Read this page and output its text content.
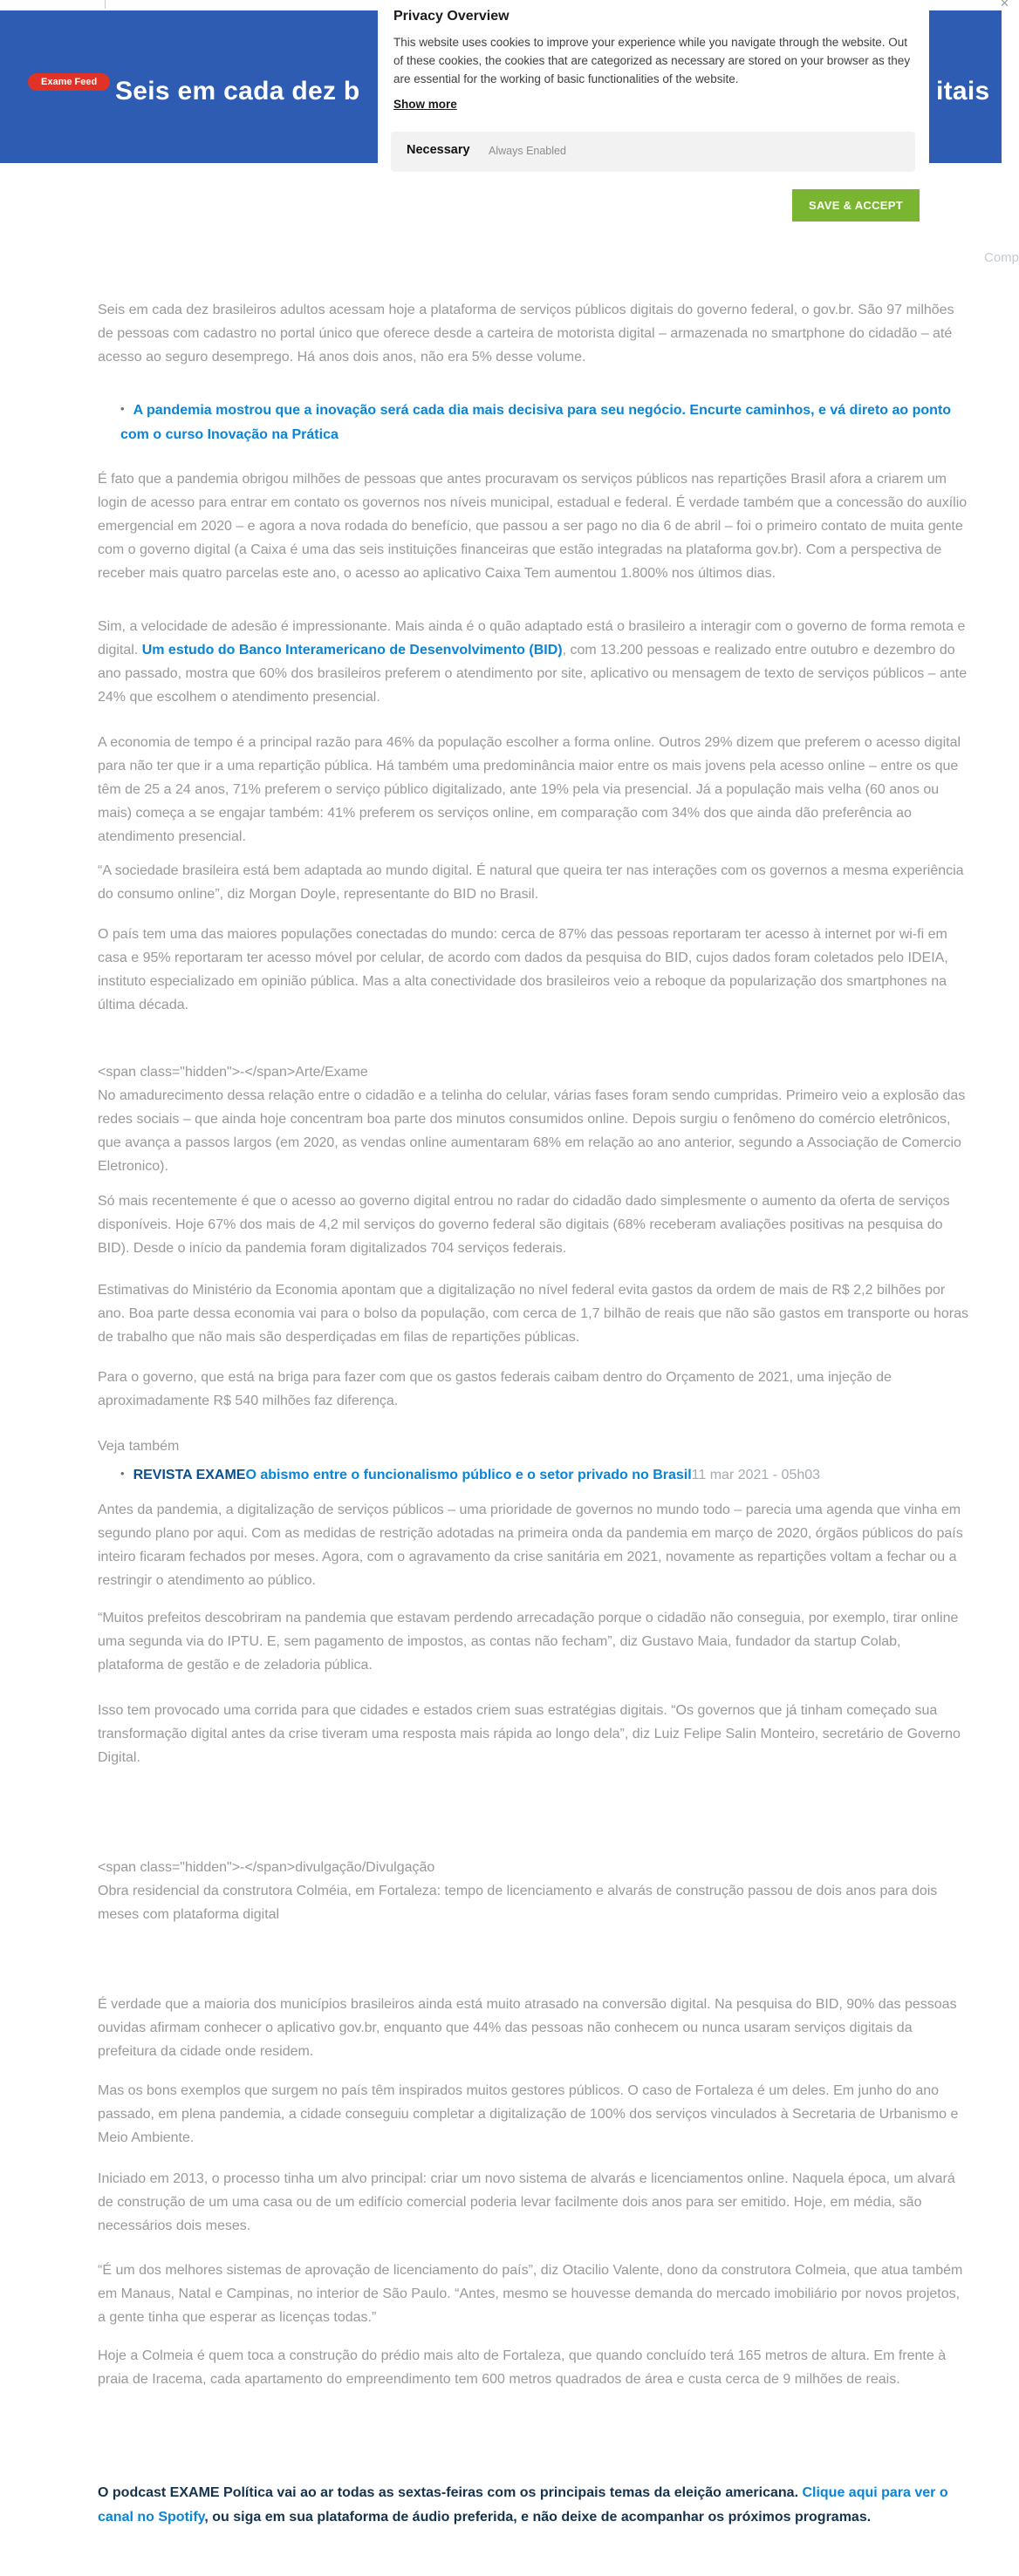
✕
Exame Feed Seis em cada dez b	itais
Privacy Overview

This website uses cookies to improve your experience while you navigate through the website. Out of these cookies, the cookies that are categorized as necessary are stored on your browser as they are essential for the working of basic functionalities of the website.

Show more
Necessary Always Enabled
SAVE & ACCEPT
Comp

Seis em cada dez brasileiros adultos acessam hoje a plataforma de serviços públicos digitais do governo federal, o gov.br. São 97 milhões de pessoas com cadastro no portal único que oferece desde a carteira de motorista digital – armazenada no smartphone do cidadão – até acesso ao seguro desemprego. Há anos dois anos, não era 5% desse volume.

• A pandemia mostrou que a inovação será cada dia mais decisiva para seu negócio. Encurte caminhos, e vá direto ao ponto com o curso Inovação na Prática

É fato que a pandemia obrigou milhões de pessoas que antes procuravam os serviços públicos nas repartições Brasil afora a criarem um login de acesso para entrar em contato os governos nos níveis municipal, estadual e federal. É verdade também que a concessão do auxílio emergencial em 2020 – e agora a nova rodada do benefício, que passou a ser pago no dia 6 de abril – foi o primeiro contato de muita gente com o governo digital (a Caixa é uma das seis instituições financeiras que estão integradas na plataforma gov.br). Com a perspectiva de receber mais quatro parcelas este ano, o acesso ao aplicativo Caixa Tem aumentou 1.800% nos últimos dias.

Sim, a velocidade de adesão é impressionante. Mais ainda é o quão adaptado está o brasileiro a interagir com o governo de forma remota e digital. Um estudo do Banco Interamericano de Desenvolvimento (BID), com 13.200 pessoas e realizado entre outubro e dezembro do ano passado, mostra que 60% dos brasileiros preferem o atendimento por site, aplicativo ou mensagem de texto de serviços públicos – ante 24% que escolhem o atendimento presencial.

A economia de tempo é a principal razão para 46% da população escolher a forma online. Outros 29% dizem que preferem o acesso digital para não ter que ir a uma repartição pública. Há também uma predominância maior entre os mais jovens pela acesso online – entre os que têm de 25 a 24 anos, 71% preferem o serviço público digitalizado, ante 19% pela via presencial. Já a população mais velha (60 anos ou mais) começa a se engajar também: 41% preferem os serviços online, em comparação com 34% dos que ainda dão preferência ao atendimento presencial.

“A sociedade brasileira está bem adaptada ao mundo digital. É natural que queira ter nas interações com os governos a mesma experiência do consumo online”, diz Morgan Doyle, representante do BID no Brasil.

O país tem uma das maiores populações conectadas do mundo: cerca de 87% das pessoas reportaram ter acesso à internet por wi-fi em casa e 95% reportaram ter acesso móvel por celular, de acordo com dados da pesquisa do BID, cujos dados foram coletados pelo IDEIA, instituto especializado em opinião pública. Mas a alta conectividade dos brasileiros veio a reboque da popularização dos smartphones na última década.

<span class="hidden">-</span>Arte/Exame

No amadurecimento dessa relação entre o cidadão e a telinha do celular, várias fases foram sendo cumpridas. Primeiro veio a explosão das redes sociais – que ainda hoje concentram boa parte dos minutos consumidos online. Depois surgiu o fenômeno do comércio eletrônicos, que avança a passos largos (em 2020, as vendas online aumentaram 68% em relação ao ano anterior, segundo a Associação de Comercio Eletronico).

Só mais recentemente é que o acesso ao governo digital entrou no radar do cidadão dado simplesmente o aumento da oferta de serviços disponíveis. Hoje 67% dos mais de 4,2 mil serviços do governo federal são digitais (68% receberam avaliações positivas na pesquisa do BID). Desde o início da pandemia foram digitalizados 704 serviços federais.

Estimativas do Ministério da Economia apontam que a digitalização no nível federal evita gastos da ordem de mais de R$ 2,2 bilhões por ano. Boa parte dessa economia vai para o bolso da população, com cerca de 1,7 bilhão de reais que não são gastos em transporte ou horas de trabalho que não mais são desperdiçadas em filas de repartições públicas.

Para o governo, que está na briga para fazer com que os gastos federais caibam dentro do Orçamento de 2021, uma injeção de aproximadamente R$ 540 milhões faz diferença.

Veja também

• REVISTA EXAMEO abismo entre o funcionalismo público e o setor privado no Brasil11 mar 2021 - 05h03

Antes da pandemia, a digitalização de serviços públicos – uma prioridade de governos no mundo todo – parecia uma agenda que vinha em segundo plano por aqui. Com as medidas de restrição adotadas na primeira onda da pandemia em março de 2020, órgãos públicos do país inteiro ficaram fechados por meses. Agora, com o agravamento da crise sanitária em 2021, novamente as repartições voltam a fechar ou a restringir o atendimento ao público.

“Muitos prefeitos descobriram na pandemia que estavam perdendo arrecadação porque o cidadão não conseguia, por exemplo, tirar online uma segunda via do IPTU. E, sem pagamento de impostos, as contas não fecham”, diz Gustavo Maia, fundador da startup Colab, plataforma de gestão e de zeladoria pública.

Isso tem provocado uma corrida para que cidades e estados criem suas estratégias digitais. “Os governos que já tinham começado sua transformação digital antes da crise tiveram uma resposta mais rápida ao longo dela”, diz Luiz Felipe Salin Monteiro, secretário de Governo Digital.

<span class="hidden">-</span>divulgação/Divulgação

Obra residencial da construtora Colméia, em Fortaleza: tempo de licenciamento e alvarás de construção passou de dois anos para dois meses com plataforma digital

É verdade que a maioria dos municípios brasileiros ainda está muito atrasado na conversão digital. Na pesquisa do BID, 90% das pessoas ouvidas afirmam conhecer o aplicativo gov.br, enquanto que 44% das pessoas não conhecem ou nunca usaram serviços digitais da prefeitura da cidade onde residem.

Mas os bons exemplos que surgem no país têm inspirados muitos gestores públicos. O caso de Fortaleza é um deles. Em junho do ano passado, em plena pandemia, a cidade conseguiu completar a digitalização de 100% dos serviços vinculados à Secretaria de Urbanismo e Meio Ambiente.

Iniciado em 2013, o processo tinha um alvo principal: criar um novo sistema de alvarás e licenciamentos online. Naquela época, um alvará de construção de um uma casa ou de um edifício comercial poderia levar facilmente dois anos para ser emitido. Hoje, em média, são necessários dois meses.

“É um dos melhores sistemas de aprovação de licenciamento do país”, diz Otacilio Valente, dono da construtora Colmeia, que atua também em Manaus, Natal e Campinas, no interior de São Paulo. “Antes, mesmo se houvesse demanda do mercado imobiliário por novos projetos, a gente tinha que esperar as licenças todas.”

Hoje a Colmeia é quem toca a construção do prédio mais alto de Fortaleza, que quando concluído terá 165 metros de altura. Em frente à praia de Iracema, cada apartamento do empreendimento tem 600 metros quadrados de área e custa cerca de 9 milhões de reais.

O podcast EXAME Política vai ao ar todas as sextas-feiras com os principais temas da eleição americana. Clique aqui para ver o canal no Spotify, ou siga em sua plataforma de áudio preferida, e não deixe de acompanhar os próximos programas.
